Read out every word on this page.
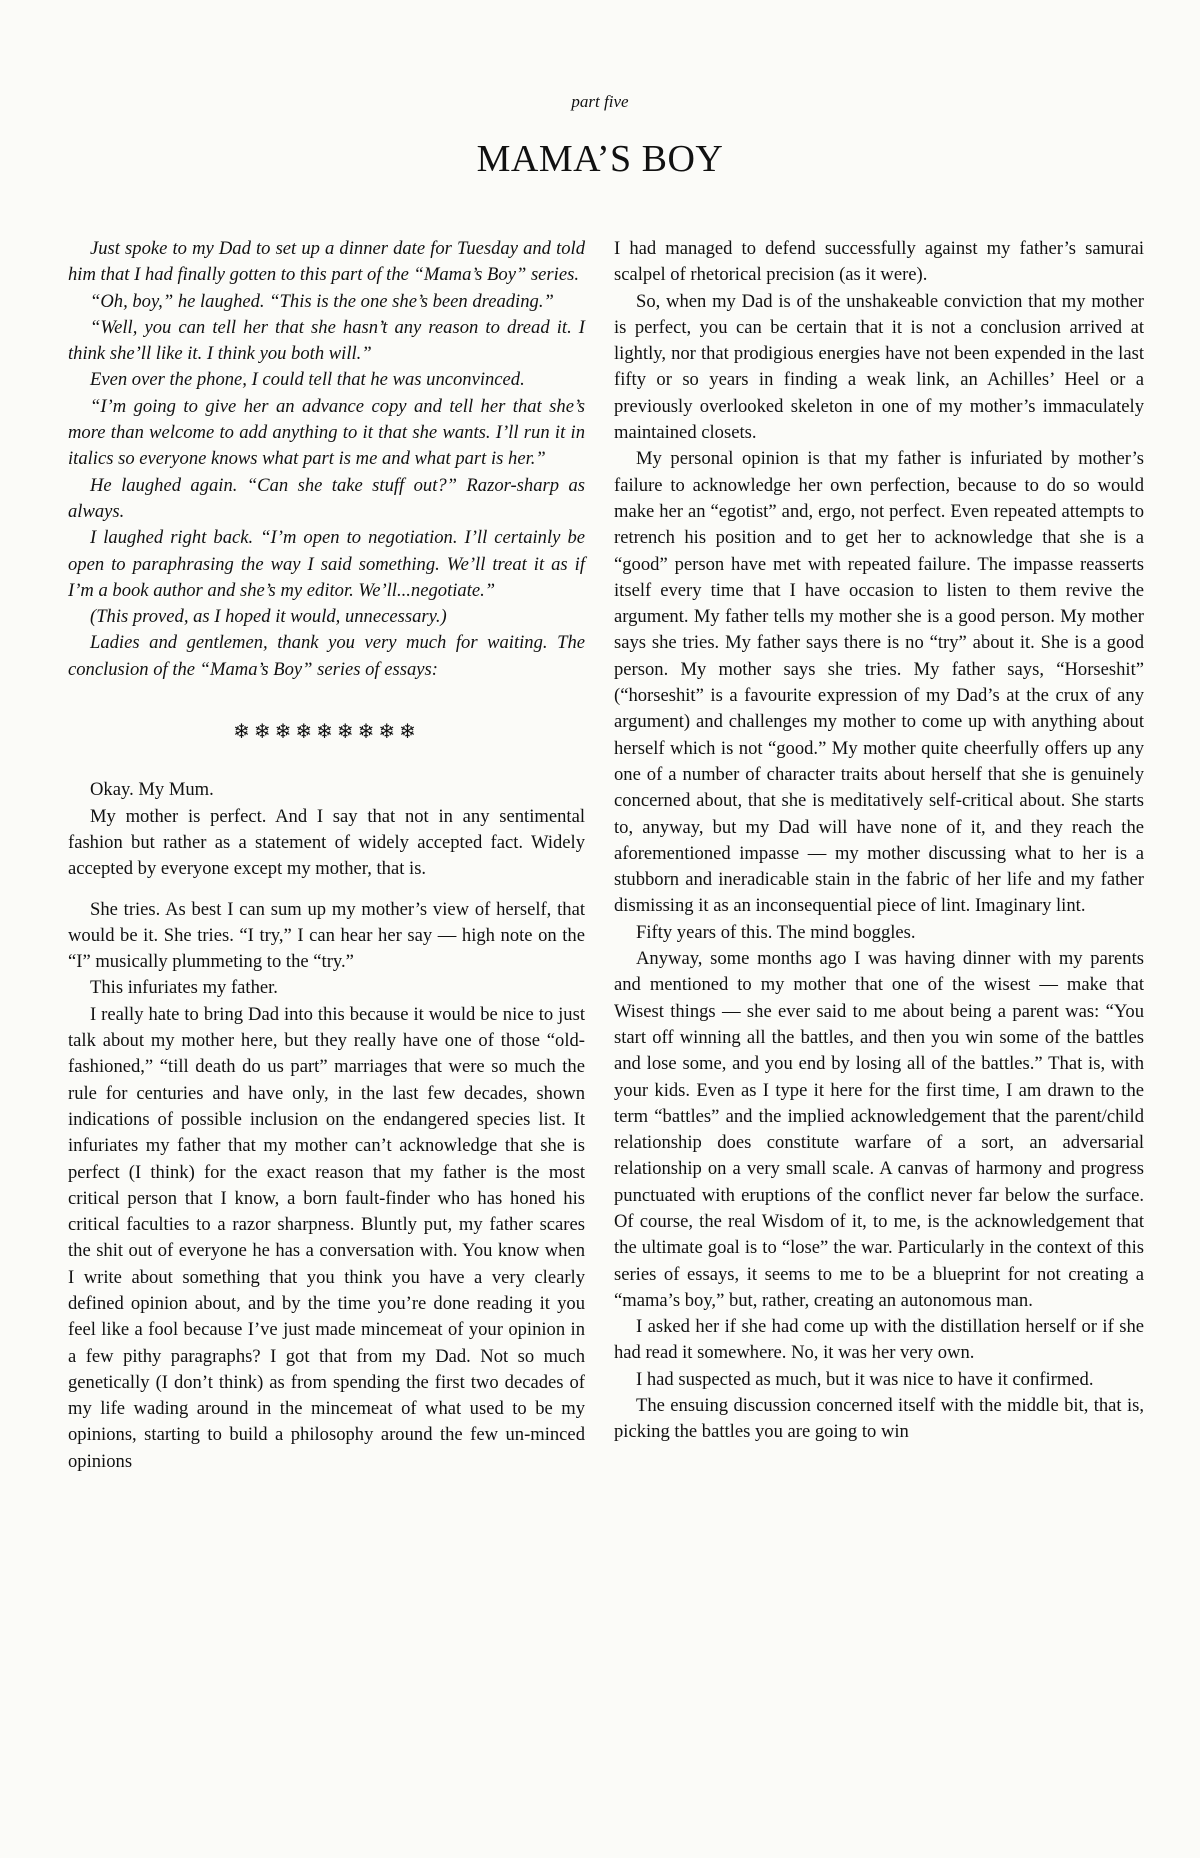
part five
MAMA’S BOY

Just spoke to my Dad to set up a dinner date for Tuesday and told him that I had finally gotten to this part of the “Mama’s Boy” series.

“Oh, boy,” he laughed. “This is the one she’s been dreading.”

“Well, you can tell her that she hasn’t any reason to dread it. I think she’ll like it. I think you both will.”

Even over the phone, I could tell that he was unconvinced.

“I’m going to give her an advance copy and tell her that she’s more than welcome to add anything to it that she wants. I’ll run it in italics so everyone knows what part is me and what part is her.”

He laughed again. “Can she take stuff out?” Razor-sharp as always.

I laughed right back. “I’m open to negotiation. I’ll certainly be open to paraphrasing the way I said something. We’ll treat it as if I’m a book author and she’s my editor. We’ll...negotiate.”

(This proved, as I hoped it would, unnecessary.)

Ladies and gentlemen, thank you very much for waiting. The conclusion of the “Mama’s Boy” series of essays:

❄❄❄❄❄❄❄❄❄

Okay. My Mum.

My mother is perfect. And I say that not in any sentimental fashion but rather as a statement of widely accepted fact. Widely accepted by everyone except my mother, that is.

She tries. As best I can sum up my mother’s view of herself, that would be it. She tries. “I try,” I can hear her say — high note on the “I” musically plummeting to the “try.”

This infuriates my father.

I really hate to bring Dad into this because it would be nice to just talk about my mother here, but they really have one of those “old-fashioned,” “till death do us part” marriages that were so much the rule for centuries and have only, in the last few decades, shown indications of possible inclusion on the endangered species list. It infuriates my father that my mother can’t acknowledge that she is perfect (I think) for the exact reason that my father is the most critical person that I know, a born fault-finder who has honed his critical faculties to a razor sharpness. Bluntly put, my father scares the shit out of everyone he has a conversation with. You know when I write about something that you think you have a very clearly defined opinion about, and by the time you’re done reading it you feel like a fool because I’ve just made mincemeat of your opinion in a few pithy paragraphs? I got that from my Dad. Not so much genetically (I don’t think) as from spending the first two decades of my life wading around in the mincemeat of what used to be my opinions, starting to build a philosophy around the few un-minced opinions

I had managed to defend successfully against my father’s samurai scalpel of rhetorical precision (as it were).

So, when my Dad is of the unshakeable conviction that my mother is perfect, you can be certain that it is not a conclusion arrived at lightly, nor that prodigious energies have not been expended in the last fifty or so years in finding a weak link, an Achilles’ Heel or a previously overlooked skeleton in one of my mother’s immaculately maintained closets.

My personal opinion is that my father is infuriated by mother’s failure to acknowledge her own perfection, because to do so would make her an “egotist” and, ergo, not perfect. Even repeated attempts to retrench his position and to get her to acknowledge that she is a “good” person have met with repeated failure. The impasse reasserts itself every time that I have occasion to listen to them revive the argument. My father tells my mother she is a good person. My mother says she tries. My father says there is no “try” about it. She is a good person. My mother says she tries. My father says, “Horseshit” (“horseshit” is a favourite expression of my Dad’s at the crux of any argument) and challenges my mother to come up with anything about herself which is not “good.” My mother quite cheerfully offers up any one of a number of character traits about herself that she is genuinely concerned about, that she is meditatively self-critical about. She starts to, anyway, but my Dad will have none of it, and they reach the aforementioned impasse — my mother discussing what to her is a stubborn and ineradicable stain in the fabric of her life and my father dismissing it as an inconsequential piece of lint. Imaginary lint.

Fifty years of this. The mind boggles.

Anyway, some months ago I was having dinner with my parents and mentioned to my mother that one of the wisest — make that Wisest things — she ever said to me about being a parent was: “You start off winning all the battles, and then you win some of the battles and lose some, and you end by losing all of the battles.” That is, with your kids. Even as I type it here for the first time, I am drawn to the term “battles” and the implied acknowledgement that the parent/child relationship does constitute warfare of a sort, an adversarial relationship on a very small scale. A canvas of harmony and progress punctuated with eruptions of the conflict never far below the surface. Of course, the real Wisdom of it, to me, is the acknowledgement that the ultimate goal is to “lose” the war. Particularly in the context of this series of essays, it seems to me to be a blueprint for not creating a “mama’s boy,” but, rather, creating an autonomous man.

I asked her if she had come up with the distillation herself or if she had read it somewhere. No, it was her very own.

I had suspected as much, but it was nice to have it confirmed.

The ensuing discussion concerned itself with the middle bit, that is, picking the battles you are going to win
